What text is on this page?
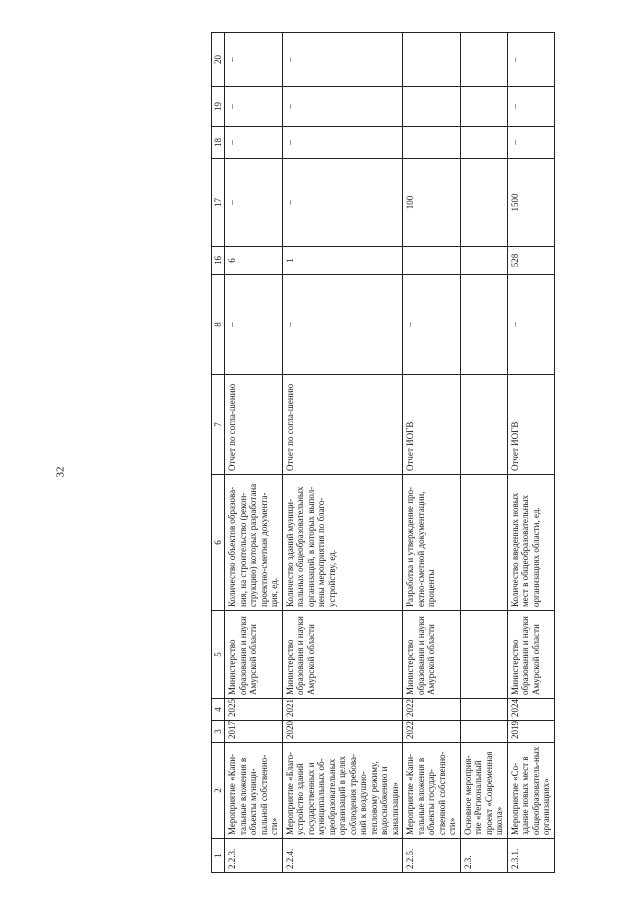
32
1	2	3	4	5	6	7	8	16	17	18	19	20
2.2.3.	Мероприятие «Капи-тальные вложения в объекты муници-пальной собственно-сти»	2017	2025	Министерство образования и науки Амурской области	Количество объектов образова-ния, на строительство (рекон-струкцию) которых разработана проектно-сметная документа-ция, ед.	Отчет по согла-шению	–	6	–	–	–	–
2.2.4.	Мероприятие «Благо-устройство зданий государственных и муниципальных об-щеобразовательных организаций в целях соблюдения требова-ний к воздушно-тепловому режиму, водоснабжению и канализации»	2020	2021	Министерство образования и науки Амурской области	Количество зданий муници-пальных общеобразовательных организаций, в которых выпол-нены мероприятия по благо-устройству, ед.	Отчет по согла-шению	–	1	–	–	–	–
2.2.5.	Мероприятие «Капи-тальные вложения в объекты государ-ственной собственно-сти»	2022	2022	Министерство образования и науки Амурской области	Разработка и утверждение про-ектно-сметной документации, проценты	Отчет ИОГВ	–		100			
2.3.	Основное мероприя-тие «Региональный проект «Современная школа»											
2.3.1.	Мероприятие «Со-здание новых мест в общеобразователь-ных организациях»	2019	2024	Министерство образования и науки Амурской области	Количество введенных новых мест в общеобразовательных организациях области, ед.	Отчет ИОГВ	–	528	1500	–	–	–
